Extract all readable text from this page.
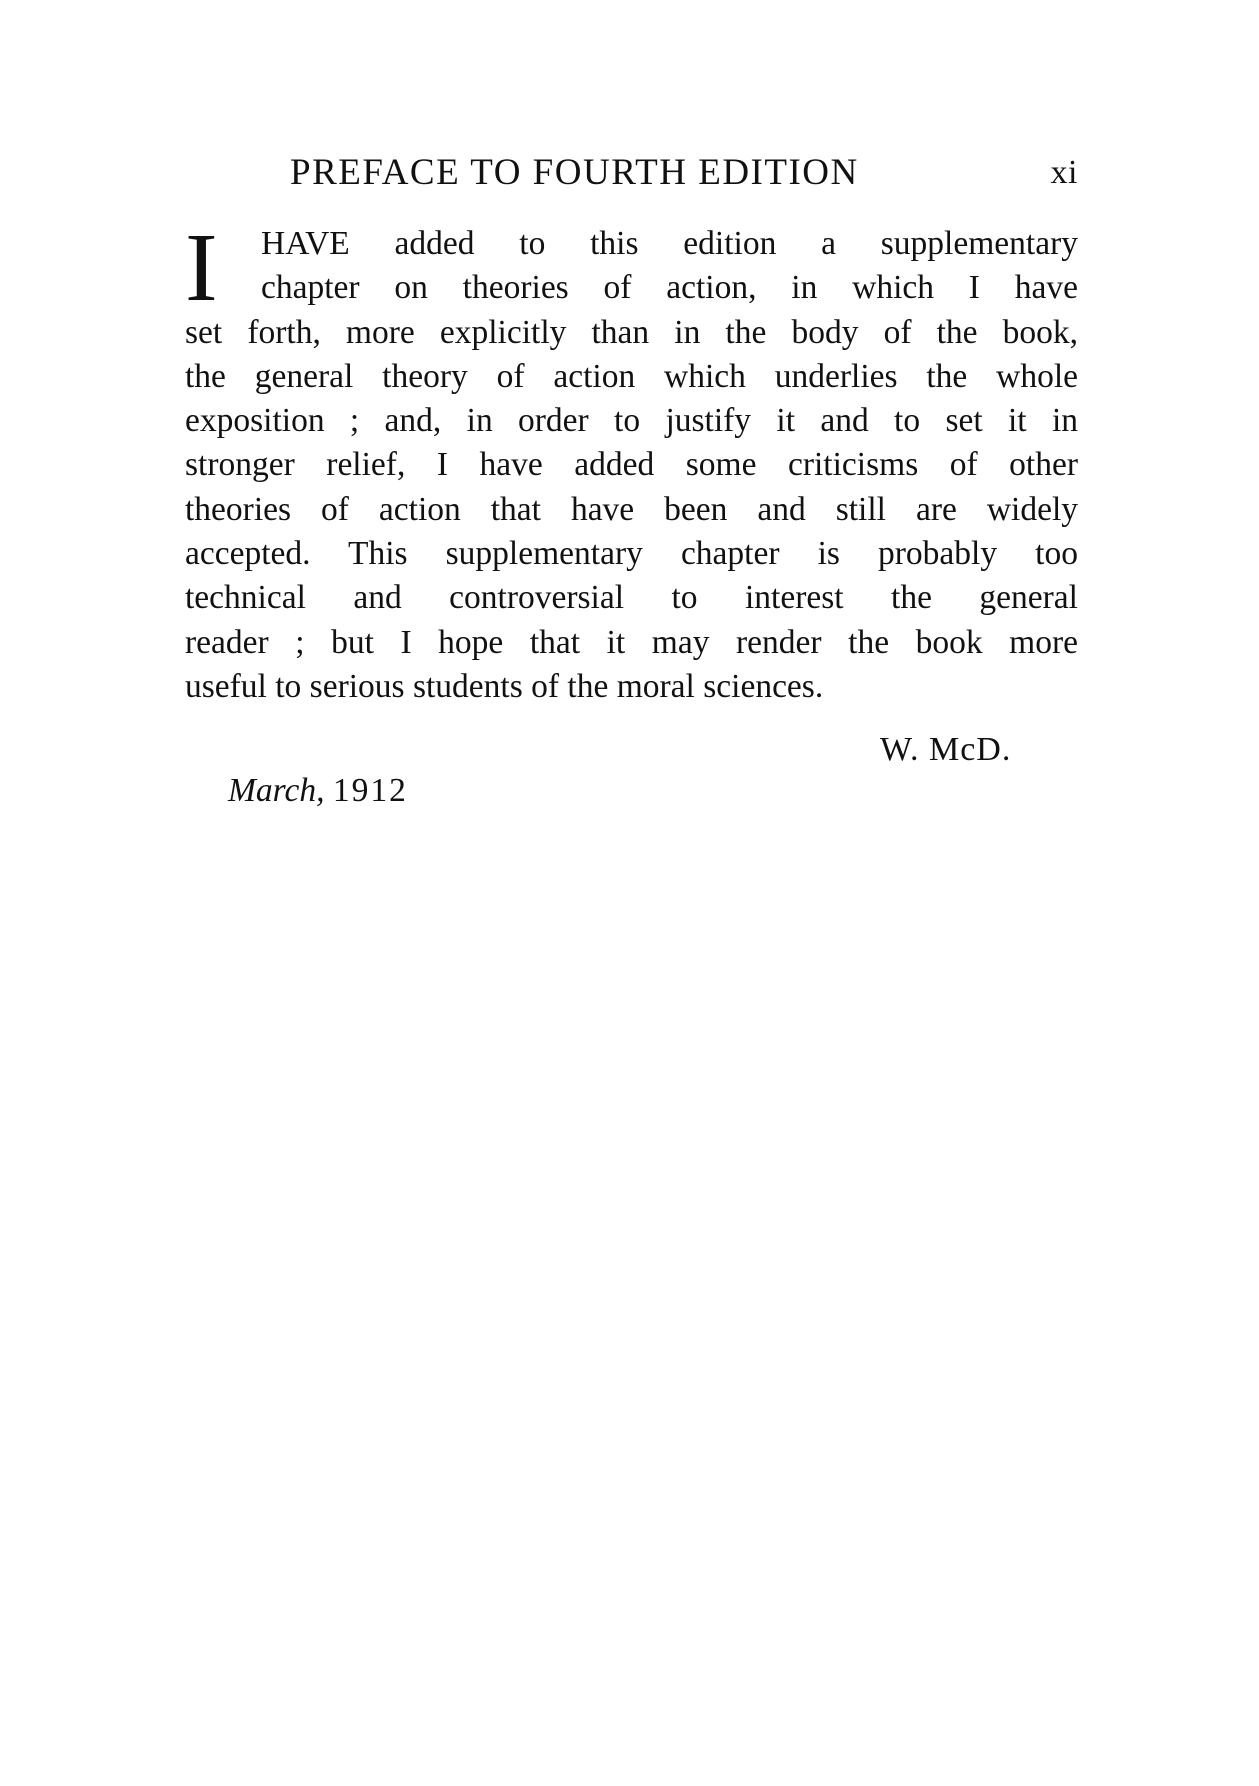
PREFACE TO FOURTH EDITION	xi
I HAVE added to this edition a supplementary
chapter on theories of action, in which I have
set forth, more explicitly than in the body of the book,
the general theory of action which underlies the whole
exposition ; and, in order to justify it and to set it in
stronger relief, I have added some criticisms of other
theories of action that have been and still are widely
accepted. This supplementary chapter is probably too
technical and controversial to interest the general
reader ; but I hope that it may render the book more
useful to serious students of the moral sciences.
W. McD.
March, 1912
